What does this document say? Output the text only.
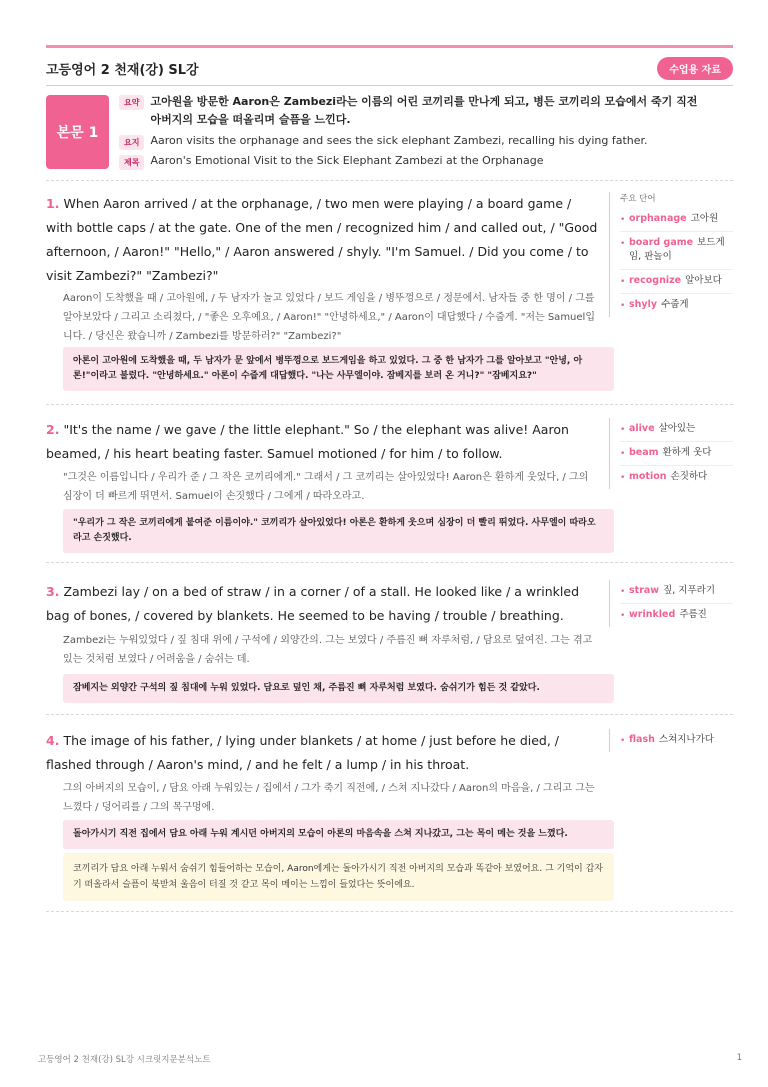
고등영어 2 천재(강) SL강	수업용 자료
본문 1
요약	고아원을 방문한 Aaron은 Zambezi라는 이름의 어린 코끼리를 만나게 되고, 병든 코끼리의 모습에서 죽기 직전 아버지의 모습을 떠올리며 슬픔을 느낀다.
요지	Aaron visits the orphanage and sees the sick elephant Zambezi, recalling his dying father.
제목	Aaron's Emotional Visit to the Sick Elephant Zambezi at the Orphanage
1. When Aaron arrived / at the orphanage, / two men were playing / a board game / with bottle caps / at the gate. One of the men / recognized him / and called out, / "Good afternoon, / Aaron!" "Hello," / Aaron answered / shyly. "I'm Samuel. / Did you come / to visit Zambezi?" "Zambezi?"
Aaron이 도착했을 때 / 고아원에, / 두 남자가 놀고 있었다 / 보드 게임을 / 병뚜껑으로 / 정문에서. 남자들 중 한 명이 / 그를 알아보았다 / 그리고 소리쳤다, / "좋은 오후예요, / Aaron!" "안녕하세요," / Aaron이 대답했다 / 수줍게. "저는 Samuel입니다. / 당신은 왔습니까 / Zambezi를 방문하러?" "Zambezi?"
아론이 고아원에 도착했을 때, 두 남자가 문 앞에서 병뚜껑으로 보드게임을 하고 있었다. 그 중 한 남자가 그를 알아보고 "안녕, 아론!"이라고 불렀다. "안녕하세요." 아론이 수줍게 대답했다. "나는 사무엘이야. 잠베지를 보러 온 거니?" "잠베지요?"
주요 단어
• orphanage 고아원
• board game 보드게임, 판놀이
• recognize 알아보다
• shyly 수줍게
2. "It's the name / we gave / the little elephant." So / the elephant was alive! Aaron beamed, / his heart beating faster. Samuel motioned / for him / to follow.
"그것은 이름입니다 / 우리가 준 / 그 작은 코끼리에게." 그래서 / 그 코끼리는 살아있었다! Aaron은 환하게 웃었다, / 그의 심장이 더 빠르게 뛰면서. Samuel이 손짓했다 / 그에게 / 따라오라고.
"우리가 그 작은 코끼리에게 붙여준 이름이야." 코끼리가 살아있었다! 아론은 환하게 웃으며 심장이 더 빨리 뛰었다. 사무엘이 따라오라고 손짓했다.
• alive 살아있는
• beam 환하게 웃다
• motion 손짓하다
3. Zambezi lay / on a bed of straw / in a corner / of a stall. He looked like / a wrinkled bag of bones, / covered by blankets. He seemed to be having / trouble / breathing.
Zambezi는 누워있었다 / 짚 침대 위에 / 구석에 / 외양간의. 그는 보였다 / 주름진 뼈 자루처럼, / 담요로 덮여진. 그는 겪고 있는 것처럼 보였다 / 어려움을 / 숨쉬는 데.
잠베지는 외양간 구석의 짚 침대에 누워 있었다. 담요로 덮인 채, 주름진 뼈 자루처럼 보였다. 숨쉬기가 힘든 것 같았다.
• straw 짚, 지푸라기
• wrinkled 주름진
4. The image of his father, / lying under blankets / at home / just before he died, / flashed through / Aaron's mind, / and he felt / a lump / in his throat.
그의 아버지의 모습이, / 담요 아래 누워있는 / 집에서 / 그가 죽기 직전에, / 스쳐 지나갔다 / Aaron의 마음을, / 그리고 그는 느꼈다 / 덩어리를 / 그의 목구멍에.
돌아가시기 직전 집에서 담요 아래 누워 계시던 아버지의 모습이 아론의 마음속을 스쳐 지나갔고, 그는 목이 메는 것을 느꼈다.
코끼리가 담요 아래 누워서 숨쉬기 힘들어하는 모습이, Aaron에게는 돌아가시기 직전 아버지의 모습과 똑같아 보였어요. 그 기억이 갑자기 떠올라서 슬픔이 북받쳐 울음이 터질 것 같고 목이 메이는 느낌이 들었다는 뜻이에요.
• flash 스쳐지나가다
고등영어 2 천재(강) SL강 시크릿지문분석노트	1
